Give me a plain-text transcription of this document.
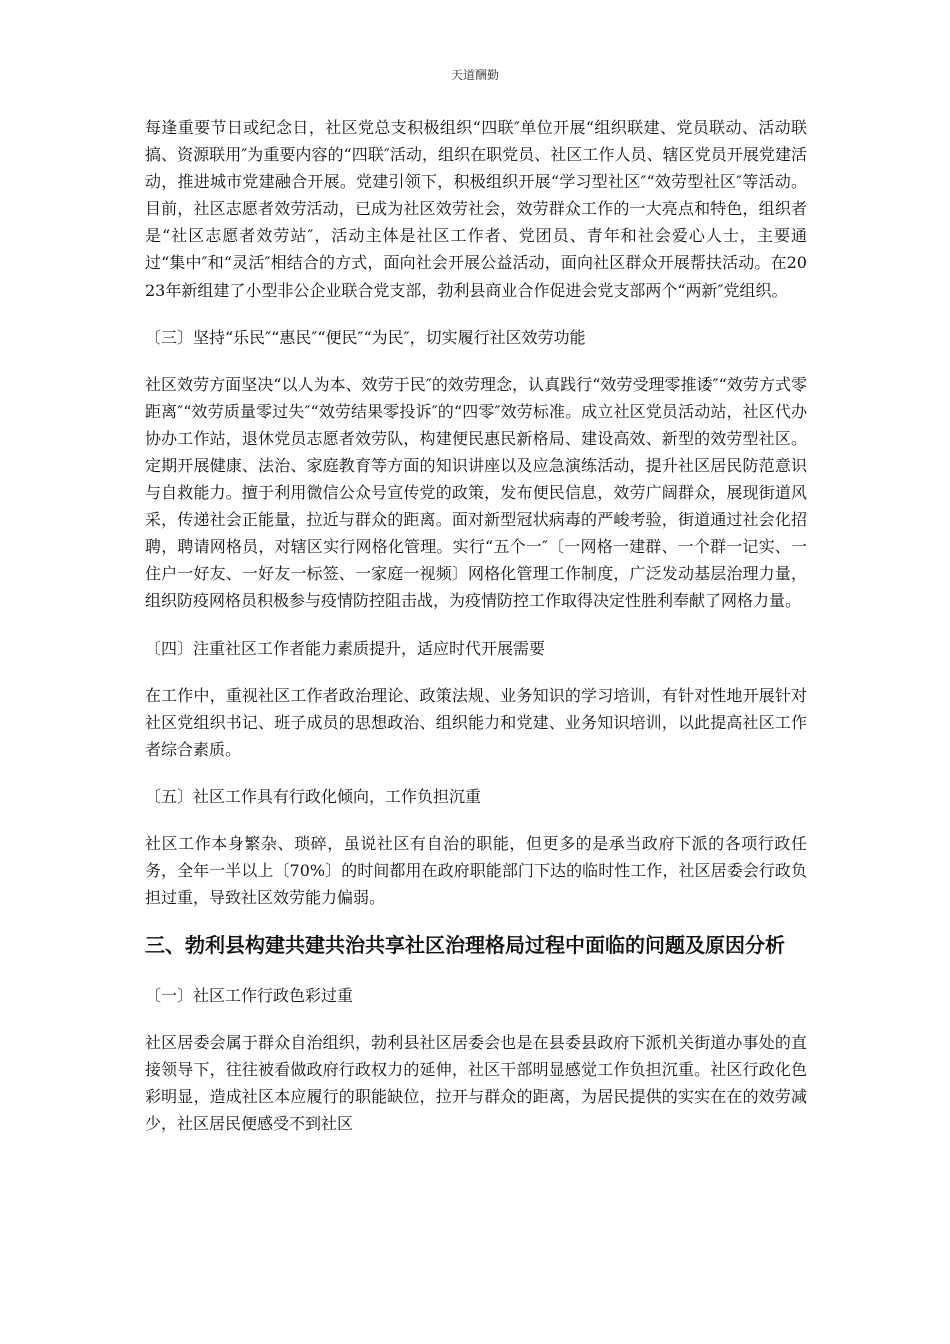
天道酬勤

每逢重要节日或纪念日，社区党总支积极组织“四联″单位开展“组织联建、党员联动、活动联搞、资源联用″为重要内容的“四联″活动，组织在职党员、社区工作人员、辖区党员开展党建活动，推进城市党建融合开展。党建引领下，积极组织开展“学习型社区″“效劳型社区″等活动。目前，社区志愿者效劳活动，已成为社区效劳社会，效劳群众工作的一大亮点和特色，组织者是“社区志愿者效劳站″，活动主体是社区工作者、党团员、青年和社会爱心人士，主要通过“集中″和“灵活″相结合的方式，面向社会开展公益活动，面向社区群众开展帮扶活动。在2023年新组建了小型非公企业联合党支部，勃利县商业合作促进会党支部两个“两新″党组织。

〔三〕坚持“乐民″“惠民″“便民″“为民″，切实履行社区效劳功能

社区效劳方面坚决“以人为本、效劳于民″的效劳理念，认真践行“效劳受理零推诿″“效劳方式零距离″“效劳质量零过失″“效劳结果零投诉″的“四零″效劳标准。成立社区党员活动站，社区代办协办工作站，退休党员志愿者效劳队，构建便民惠民新格局、建设高效、新型的效劳型社区。定期开展健康、法治、家庭教育等方面的知识讲座以及应急演练活动，提升社区居民防范意识与自救能力。擅于利用微信公众号宣传党的政策，发布便民信息，效劳广阔群众，展现街道风采，传递社会正能量，拉近与群众的距离。面对新型冠状病毒的严峻考验，街道通过社会化招聘，聘请网格员，对辖区实行网格化管理。实行“五个一″〔一网格一建群、一个群一记实、一住户一好友、一好友一标签、一家庭一视频〕网格化管理工作制度，广泛发动基层治理力量，组织防疫网格员积极参与疫情防控阻击战，为疫情防控工作取得决定性胜利奉献了网格力量。

〔四〕注重社区工作者能力素质提升，适应时代开展需要

在工作中，重视社区工作者政治理论、政策法规、业务知识的学习培训，有针对性地开展针对社区党组织书记、班子成员的思想政治、组织能力和党建、业务知识培训，以此提高社区工作者综合素质。

〔五〕社区工作具有行政化倾向，工作负担沉重

社区工作本身繁杂、琐碎，虽说社区有自治的职能，但更多的是承当政府下派的各项行政任务，全年一半以上〔70%〕的时间都用在政府职能部门下达的临时性工作，社区居委会行政负担过重，导致社区效劳能力偏弱。

三、勃利县构建共建共治共享社区治理格局过程中面临的问题及原因分析

〔一〕社区工作行政色彩过重

社区居委会属于群众自治组织，勃利县社区居委会也是在县委县政府下派机关街道办事处的直接领导下，往往被看做政府行政权力的延伸，社区干部明显感觉工作负担沉重。社区行政化色彩明显，造成社区本应履行的职能缺位，拉开与群众的距离，为居民提供的实实在在的效劳减少，社区居民便感受不到社区
